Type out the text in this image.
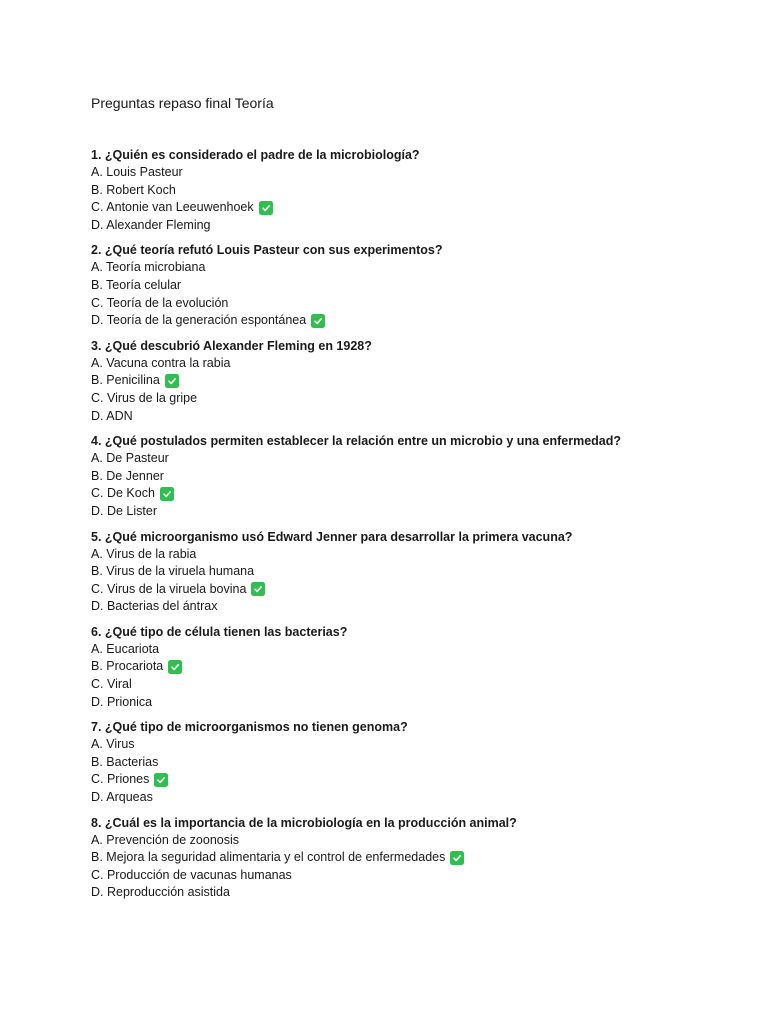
Preguntas repaso final Teoría
1. ¿Quién es considerado el padre de la microbiología?
A. Louis Pasteur
B. Robert Koch
C. Antonie van Leeuwenhoek
D. Alexander Fleming
2. ¿Qué teoría refutó Louis Pasteur con sus experimentos?
A. Teoría microbiana
B. Teoría celular
C. Teoría de la evolución
D. Teoría de la generación espontánea
3. ¿Qué descubrió Alexander Fleming en 1928?
A. Vacuna contra la rabia
B. Penicilina
C. Virus de la gripe
D. ADN
4. ¿Qué postulados permiten establecer la relación entre un microbio y una enfermedad?
A. De Pasteur
B. De Jenner
C. De Koch
D. De Lister
5. ¿Qué microorganismo usó Edward Jenner para desarrollar la primera vacuna?
A. Virus de la rabia
B. Virus de la viruela humana
C. Virus de la viruela bovina
D. Bacterias del ántrax
6. ¿Qué tipo de célula tienen las bacterias?
A. Eucariota
B. Procariota
C. Viral
D. Prionica
7. ¿Qué tipo de microorganismos no tienen genoma?
A. Virus
B. Bacterias
C. Priones
D. Arqueas
8. ¿Cuál es la importancia de la microbiología en la producción animal?
A. Prevención de zoonosis
B. Mejora la seguridad alimentaria y el control de enfermedades
C. Producción de vacunas humanas
D. Reproducción asistida
